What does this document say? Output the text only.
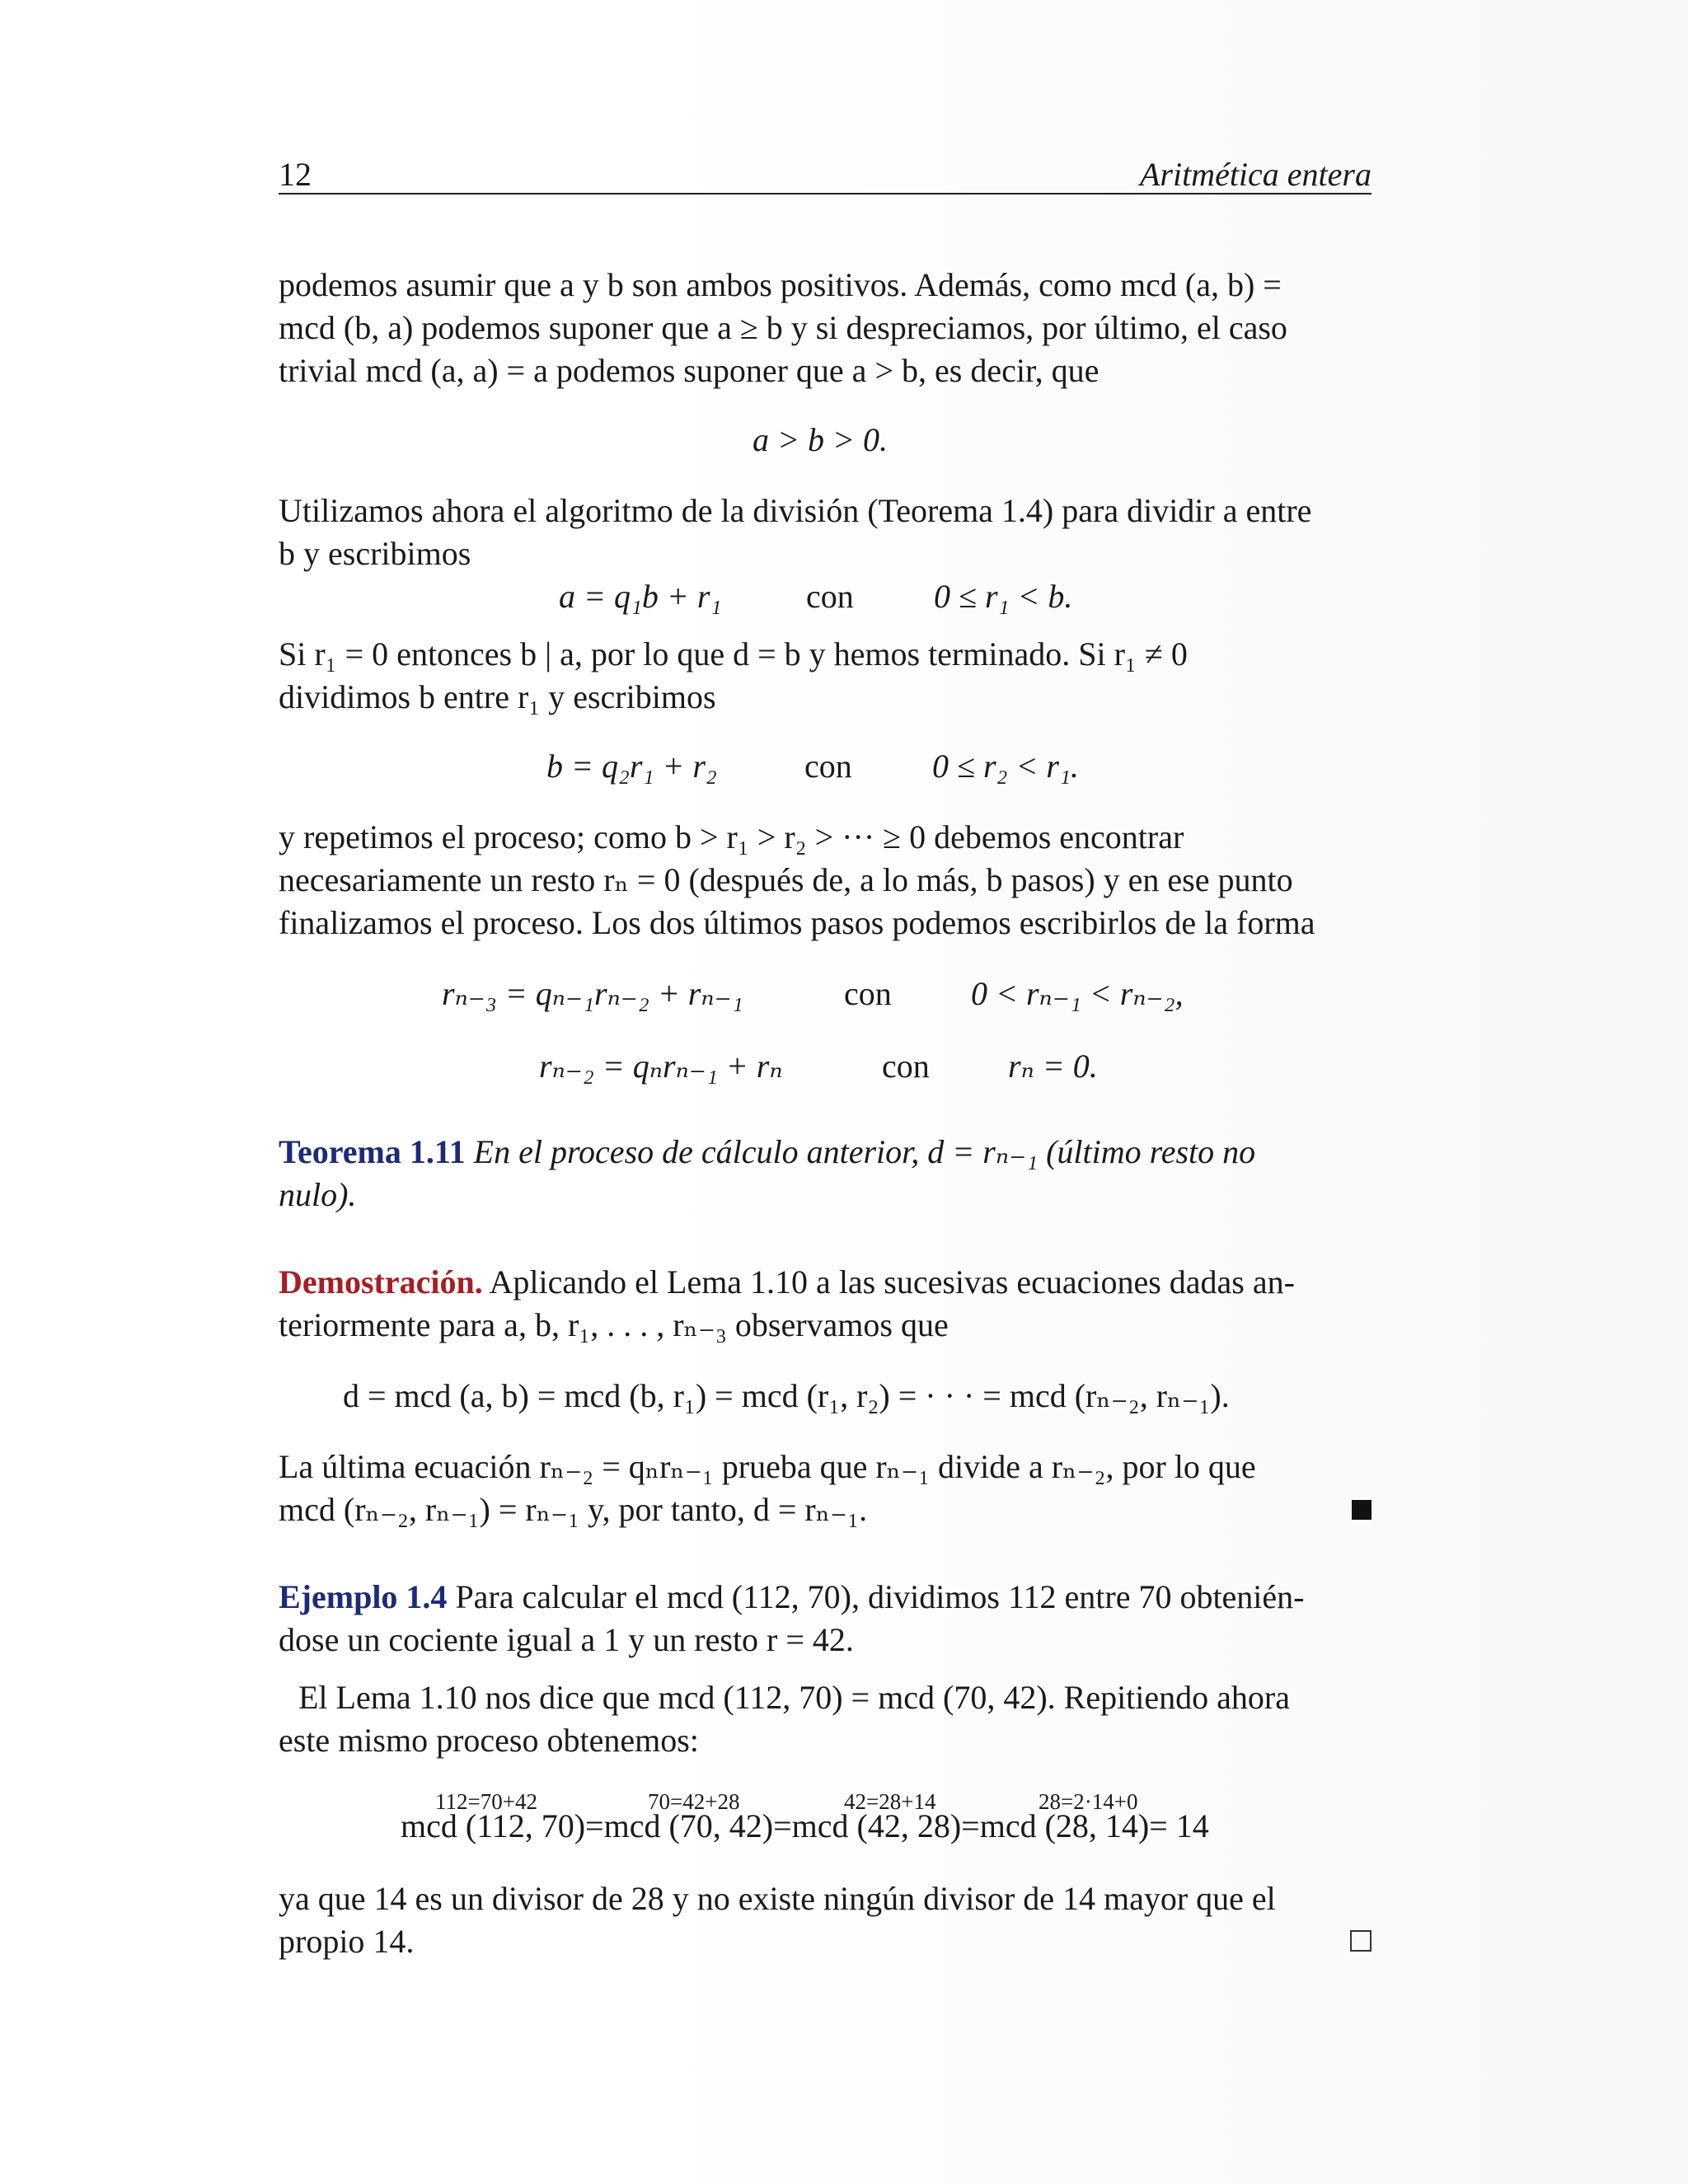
12	Aritmética entera
podemos asumir que a y b son ambos positivos. Además, como mcd (a, b) =
mcd (b, a) podemos suponer que a ≥ b y si despreciamos, por último, el caso
trivial mcd (a, a) = a podemos suponer que a > b, es decir, que
a > b > 0.
Utilizamos ahora el algoritmo de la división (Teorema 1.4) para dividir a entre
b y escribimos
a = q₁b + r₁	con 0 ≤ r₁ < b.
Si r₁ = 0 entonces b | a, por lo que d = b y hemos terminado. Si r₁ ≠ 0
dividimos b entre r₁ y escribimos
b = q₂r₁ + r₂	con 0 ≤ r₂ < r₁.
y repetimos el proceso; como b > r₁ > r₂ > ··· ≥ 0 debemos encontrar
necesariamente un resto rₙ = 0 (después de, a lo más, b pasos) y en ese punto
finalizamos el proceso. Los dos últimos pasos podemos escribirlos de la forma
rₙ₋₃ = qₙ₋₁rₙ₋₂ + rₙ₋₁	con 0 < rₙ₋₁ < rₙ₋₂,
rₙ₋₂ = qₙrₙ₋₁ + rₙ	con rₙ = 0.
Teorema 1.11 En el proceso de cálculo anterior, d = rₙ₋₁ (último resto no
nulo).
Demostración. Aplicando el Lema 1.10 a las sucesivas ecuaciones dadas an-
teriormente para a, b, r₁, . . . , rₙ₋₃ observamos que
d = mcd (a, b) = mcd (b, r₁) = mcd (r₁, r₂) = · · · = mcd (rₙ₋₂, rₙ₋₁).
La última ecuación rₙ₋₂ = qₙrₙ₋₁ prueba que rₙ₋₁ divide a rₙ₋₂, por lo que
mcd (rₙ₋₂, rₙ₋₁) = rₙ₋₁ y, por tanto, d = rₙ₋₁.
Ejemplo 1.4 Para calcular el mcd (112, 70), dividimos 112 entre 70 obtenién-
dose un cociente igual a 1 y un resto r = 42.
El Lema 1.10 nos dice que mcd (112, 70) = mcd (70, 42). Repitiendo ahora
este mismo proceso obtenemos:
112=70+42	70=42+28	42=28+14	28=2·14+0
mcd (112, 70)=mcd (70, 42)=mcd (42, 28)=mcd (28, 14)= 14
ya que 14 es un divisor de 28 y no existe ningún divisor de 14 mayor que el
propio 14.
